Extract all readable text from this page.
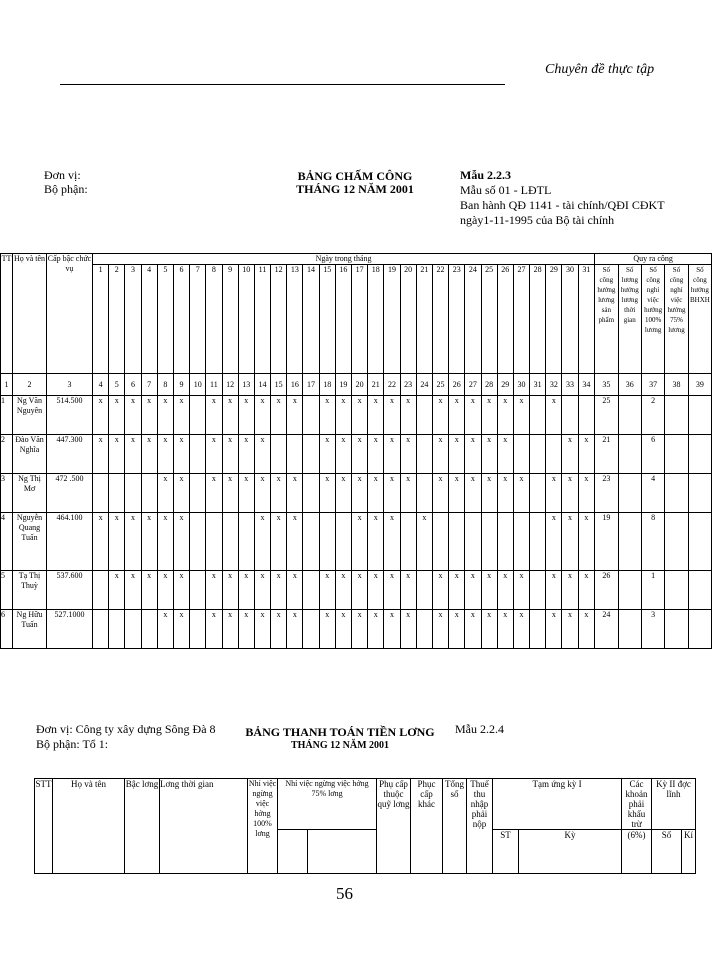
Chuyên đề thực tập
Đơn vị:
Bộ phận:
BẢNG CHẤM CÔNG
THÁNG 12 NĂM 2001
Mẫu 2.2.3
Mẫu số 01 - LĐTL
Ban hành QĐ 1141 - tài chính/QĐI CĐKT
ngày1-11-1995 của Bộ tài chính
TT	Họ và tên	Cấp bậc chức vụ	Ngày trong tháng																															Quy ra công				
			1	2	3	4	5	6	7	8	9	10	11	12	13	14	15	16	17	18	19	20	21	22	23	24	25	26	27	28	29	30	31	Số công hưởng lương sản phẩm	Số lương hưởng lương thời gian	Số công nghỉ việc hưởng 100% lương	Số công nghỉ việc hưởng 75% lương	Số công hưởng BHXH

1	2	3	4	5	6	7	8	9	10	11	12	13	14	15	16	17	18	19	20	21	22	23	24	25	26	27	28	29	30	31	32	33	34	35	36	37	38	39
1	Ng Văn Nguyên	514.500	x	x	x	x	x	x		x	x	x	x	x	x		x	x	x	x	x	x		x	x	x	x	x	x		x			25		2		
2	Đào Văn Nghĩa	447.300	x	x	x	x	x	x		x	x	x	x				x	x	x	x	x	x		x	x	x	x	x				x	x	21		6		
3	Ng Thị Mơ	472 .500					x	x		x	x	x	x	x	x		x	x	x	x	x	x		x	x	x	x	x	x		x	x	x	23		4		
4	Nguyễn Quang Tuấn	464.100	x	x	x	x	x	x					x	x	x				x	x	x		x								x	x	x	19		8		
5	Tạ Thị Thuỳ	537.600		x	x	x	x	x		x	x	x	x	x	x		x	x	x	x	x	x		x	x	x	x	x	x		x	x	x	26		1		
6	Ng Hữu Tuấn	527.1000					x	x		x	x	x	x	x	x		x	x	x	x	x	x		x	x	x	x	x	x		x	x	x	24		3		
Đơn vị: Công ty xây dựng Sông Đà 8
Bộ phận: Tổ 1:
BẢNG THANH TOÁN TIỀN LƠNG
THÁNG 12 NĂM 2001
Mẫu 2.2.4
STT	Họ và tên	Bậc lơng	Lơng thời gian	Nhỉ việc ngừng việc hởng 100% lơng	Nhỉ việc ngừng việc hởng 75% lơng		Phụ cấp thuộc quỹ lơng	Phục cấp khác	Tổng số	Thuế thu nhập phải nộp	Tạm ứng kỳ I		Các khoản phải khấu trừ	Kỳ II đợc lĩnh	
											ST	Kỳ	(6%)	Số	Kí
56
